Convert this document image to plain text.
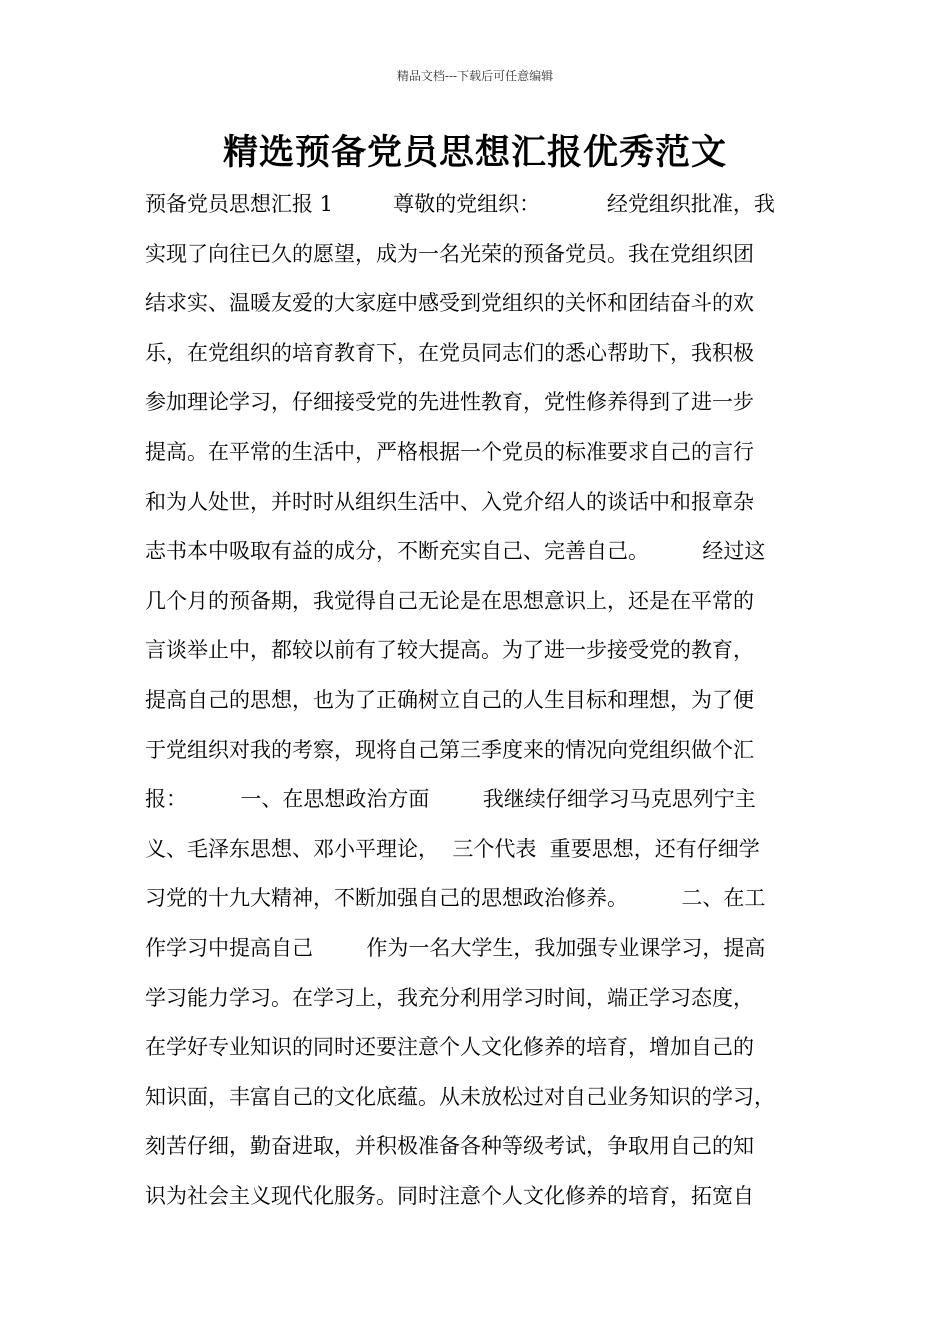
精品文档---下载后可任意编辑
精选预备党员思想汇报优秀范文
预备党员思想汇报 1         尊敬的党组织：          经党组织批准，我
实现了向往已久的愿望，成为一名光荣的预备党员。我在党组织团
结求实、温暖友爱的大家庭中感受到党组织的关怀和团结奋斗的欢
乐，在党组织的培育教育下，在党员同志们的悉心帮助下，我积极
参加理论学习，仔细接受党的先进性教育，党性修养得到了进一步
提高。在平常的生活中，严格根据一个党员的标准要求自己的言行
和为人处世，并时时从组织生活中、入党介绍人的谈话中和报章杂
志书本中吸取有益的成分，不断充实自己、完善自己。        经过这
几个月的预备期，我觉得自己无论是在思想意识上，还是在平常的
言谈举止中，都较以前有了较大提高。为了进一步接受党的教育，
提高自己的思想，也为了正确树立自己的人生目标和理想，为了便
于党组织对我的考察，现将自己第三季度来的情况向党组织做个汇
报：        一、在思想政治方面        我继续仔细学习马克思列宁主
义、毛泽东思想、邓小平理论，  三个代表  重要思想，还有仔细学
习党的十九大精神，不断加强自己的思想政治修养。        二、在工
作学习中提高自己        作为一名大学生，我加强专业课学习，提高
学习能力学习。在学习上，我充分利用学习时间，端正学习态度，
在学好专业知识的同时还要注意个人文化修养的培育，增加自己的
知识面，丰富自己的文化底蕴。从未放松过对自己业务知识的学习，
刻苦仔细，勤奋进取，并积极准备各种等级考试，争取用自己的知
识为社会主义现代化服务。同时注意个人文化修养的培育，拓宽自
